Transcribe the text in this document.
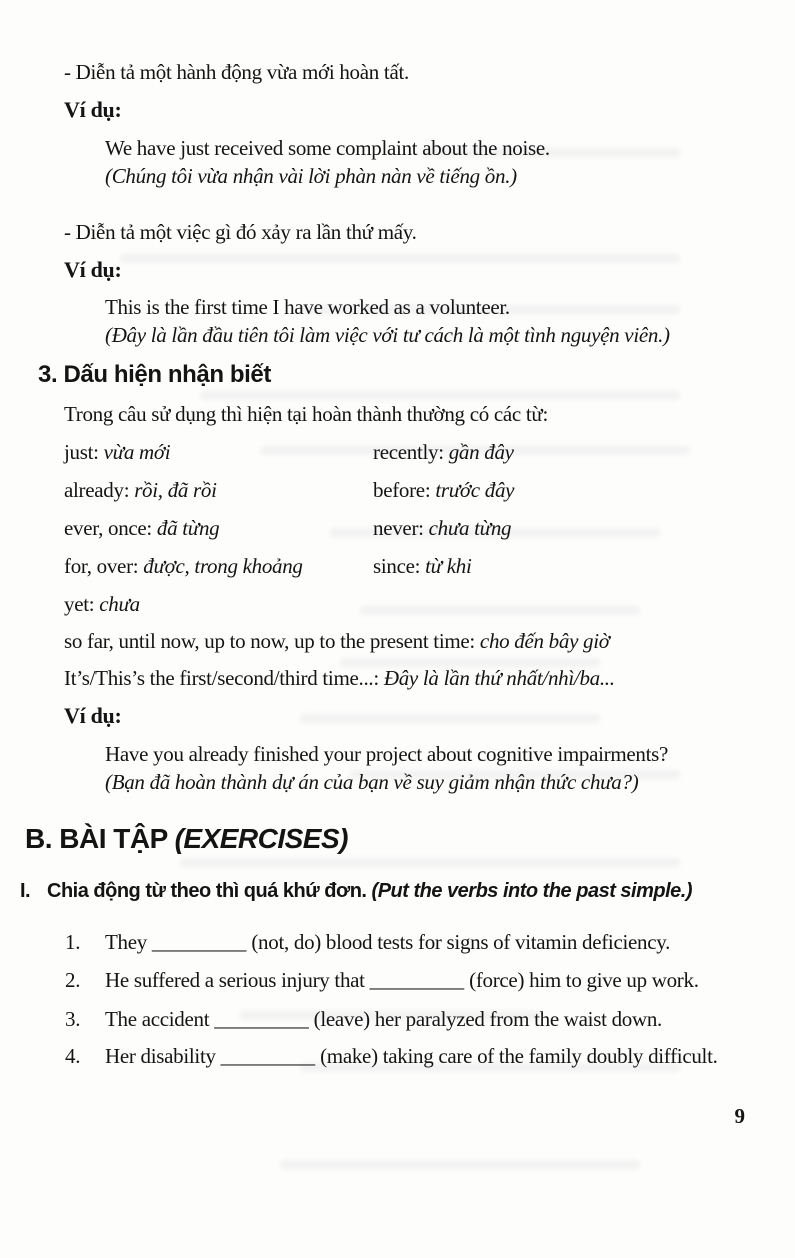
- Diễn tả một hành động vừa mới hoàn tất.
Ví dụ:
We have just received some complaint about the noise.
(Chúng tôi vừa nhận vài lời phàn nàn về tiếng ồn.)
- Diễn tả một việc gì đó xảy ra lần thứ mấy.
Ví dụ:
This is the first time I have worked as a volunteer.
(Đây là lần đầu tiên tôi làm việc với tư cách là một tình nguyện viên.)
3. Dấu hiện nhận biết
Trong câu sử dụng thì hiện tại hoàn thành thường có các từ:
just: vừa mới	recently: gần đây
already: rồi, đã rồi	before: trước đây
ever, once: đã từng	never: chưa từng
for, over: được, trong khoảng	since: từ khi
yet: chưa
so far, until now, up to now, up to the present time: cho đến bây giờ
It’s/This’s the first/second/third time...: Đây là lần thứ nhất/nhì/ba...
Ví dụ:
Have you already finished your project about cognitive impairments?
(Bạn đã hoàn thành dự án của bạn về suy giảm nhận thức chưa?)
B. BÀI TẬP (EXERCISES)
I. Chia động từ theo thì quá khứ đơn. (Put the verbs into the past simple.)
1. They _________ (not, do) blood tests for signs of vitamin deficiency.
2. He suffered a serious injury that _________ (force) him to give up work.
3. The accident _________ (leave) her paralyzed from the waist down.
4. Her disability _________ (make) taking care of the family doubly difficult.
9
